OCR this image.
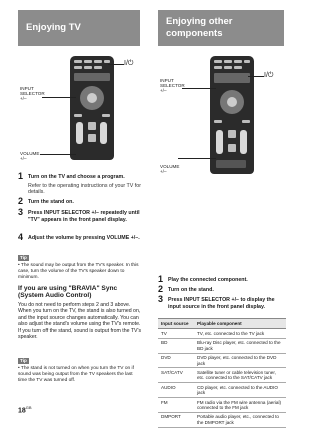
Enjoying TV
INPUT
SELECTOR
+/–
I/⏻
VOLUME
+/–
1 Turn on the TV and choose a program.
Refer to the operating instructions of your TV for details.
2 Turn the stand on.
3 Press INPUT SELECTOR +/– repeatedly until "TV" appears in the front panel display.
4 Adjust the volume by pressing VOLUME +/–.
Tip
• The sound may be output from the TV's speaker. In this case, turn the volume of the TV's speaker down to minimum.
If you are using "BRAVIA" Sync (System Audio Control)
You do not need to perform steps 2 and 3 above. When you turn on the TV, the stand is also turned on, and the input source changes automatically. You can also adjust the stand's volume using the TV's remote. If you turn off the stand, sound is output from the TV's speaker.
Tip
• The stand is not turned on when you turn the TV on if sound was being output from the TV speakers the last time the TV was turned off.
Enjoying other
components
INPUT
SELECTOR
+/–
I/⏻
VOLUME
+/–
1 Play the connected component.
2 Turn on the stand.
3 Press INPUT SELECTOR +/– to display the input source in the front panel display.
Input source	Playable component
TV	TV, etc. connected to the TV jack
BD	Blu-ray Disc player, etc. connected to the BD jack
DVD	DVD player, etc. connected to the DVD jack
SAT/CATV	Satellite tuner or cable television tuner, etc. connected to the SAT/CATV jack
AUDIO	CD player, etc. connected to the AUDIO jack
FM	FM radio via the FM wire antenna (aerial) connected to the FM jack
DMPORT	Portable audio player, etc., connected to the DMPORT jack
$18^{GB}$
